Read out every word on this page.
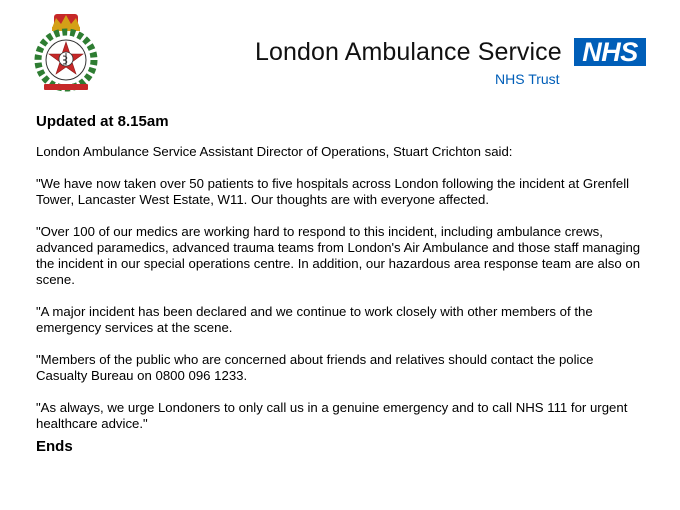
London Ambulance Service NHS
NHS Trust
Updated at 8.15am

London Ambulance Service Assistant Director of Operations, Stuart Crichton said:

"We have now taken over 50 patients to five hospitals across London following the incident at Grenfell Tower, Lancaster West Estate, W11. Our thoughts are with everyone affected.

"Over 100 of our medics are working hard to respond to this incident, including ambulance crews, advanced paramedics, advanced trauma teams from London's Air Ambulance and those staff managing the incident in our special operations centre. In addition, our hazardous area response team are also on scene.

"A major incident has been declared and we continue to work closely with other members of the emergency services at the scene.

"Members of the public who are concerned about friends and relatives should contact the police Casualty Bureau on 0800 096 1233.

"As always, we urge Londoners to only call us in a genuine emergency and to call NHS 111 for urgent healthcare advice."

Ends
